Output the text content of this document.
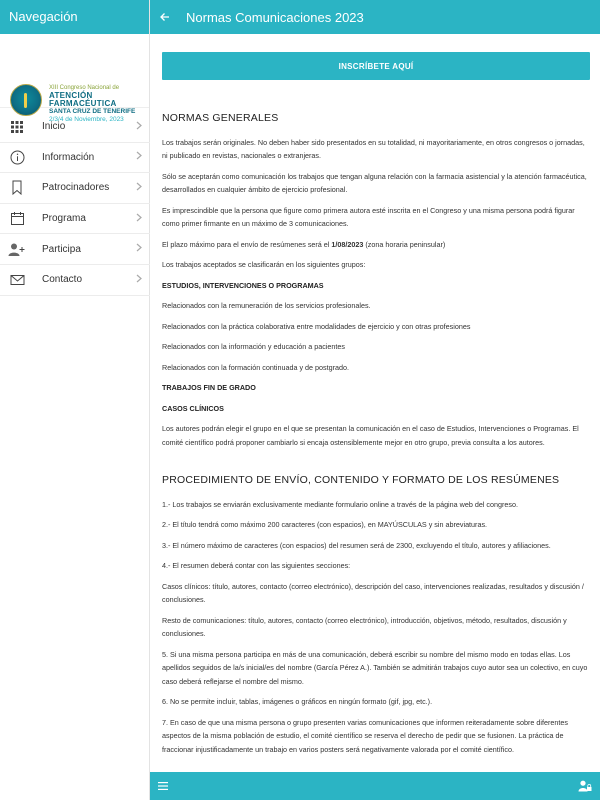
Navegación
XIII Congreso Nacional de
ATENCIÓN
FARMACÉUTICA
SANTA CRUZ DE TENERIFE
2/3/4 de Noviembre, 2023
Inicio
Información
Patrocinadores
Programa
Participa
Contacto
Normas Comunicaciones 2023
INSCRÍBETE AQUÍ
NORMAS GENERALES

Los trabajos serán originales. No deben haber sido presentados en su totalidad, ni mayoritariamente, en otros congresos o jornadas, ni publicado en revistas, nacionales o extranjeras.

Sólo se aceptarán como comunicación los trabajos que tengan alguna relación con la farmacia asistencial y la atención farmacéutica, desarrollados en cualquier ámbito de ejercicio profesional.

Es imprescindible que la persona que figure como primera autora esté inscrita en el Congreso y una misma persona podrá figurar como primer firmante en un máximo de 3 comunicaciones.

El plazo máximo para el envío de resúmenes será el 1/08/2023 (zona horaria peninsular)

Los trabajos aceptados se clasificarán en los siguientes grupos:

ESTUDIOS, INTERVENCIONES O PROGRAMAS

Relacionados con la remuneración de los servicios profesionales.

Relacionados con la práctica colaborativa entre modalidades de ejercicio y con otras profesiones

Relacionados con la información y educación a pacientes

Relacionados con la formación continuada y de postgrado.

TRABAJOS FIN DE GRADO
CASOS CLÍNICOS

Los autores podrán elegir el grupo en el que se presentan la comunicación en el caso de Estudios, Intervenciones o Programas. El comité científico podrá proponer cambiarlo si encaja ostensiblemente mejor en otro grupo, previa consulta a los autores.

PROCEDIMIENTO DE ENVÍO, CONTENIDO Y FORMATO DE LOS RESÚMENES

1.- Los trabajos se enviarán exclusivamente mediante formulario online a través de la página web del congreso.

2.- El título tendrá como máximo 200 caracteres (con espacios), en MAYÚSCULAS y sin abreviaturas.

3.- El número máximo de caracteres (con espacios) del resumen será de 2300, excluyendo el título, autores y afiliaciones.

4.- El resumen deberá contar con las siguientes secciones:

Casos clínicos: título, autores, contacto (correo electrónico), descripción del caso, intervenciones realizadas, resultados y discusión / conclusiones.

Resto de comunicaciones: título, autores, contacto (correo electrónico), introducción, objetivos, método, resultados, discusión y conclusiones.

5. Si una misma persona participa en más de una comunicación, deberá escribir su nombre del mismo modo en todas ellas. Los apellidos seguidos de la/s inicial/es del nombre (García Pérez A.). También se admitirán trabajos cuyo autor sea un colectivo, en cuyo caso deberá reflejarse el nombre del mismo.

6. No se permite incluir, tablas, imágenes o gráficos en ningún formato (gif, jpg, etc.).

7. En caso de que una misma persona o grupo presenten varias comunicaciones que informen reiteradamente sobre diferentes aspectos de la misma población de estudio, el comité científico se reserva el derecho de pedir que se fusionen. La práctica de fraccionar injustificadamente un trabajo en varios posters será negativamente valorada por el comité científico.
